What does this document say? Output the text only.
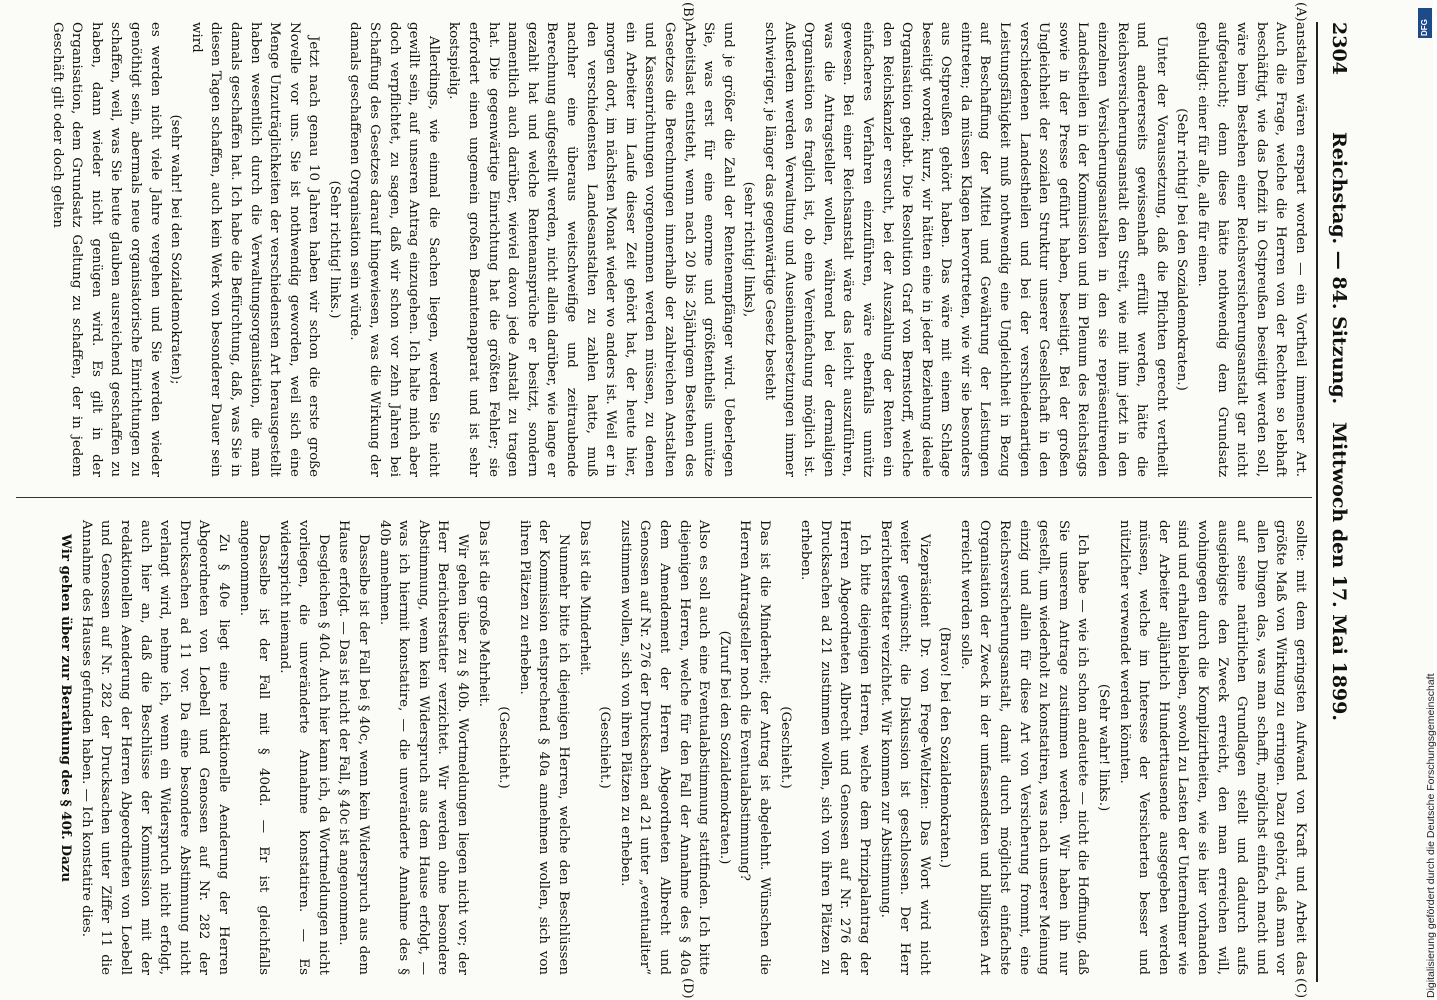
2304
Reichstag. — 84. Sitzung.
Mittwoch den 17. Mai 1899.
(A)
(B)
(C)
(D)

anstalten wären erspart worden — ein Vortheil immenser Art. Auch die Frage, welche die Herren von der Rechten so lebhaft beschäftigt, wie das Defizit in Ostpreußen beseitigt werden soll, wäre beim Bestehen einer Reichsversicherungsanstalt gar nicht aufgetaucht; denn diese hätte nothwendig dem Grundsatz gehuldigt: einer für alle, alle für einen.

(Sehr richtig! bei den Sozialdemokraten.)

Unter der Voraussetzung, daß die Pflichten gerecht vertheilt und andererseits gewissenhaft erfüllt werden, hätte die Reichsversicherungsanstalt den Streit, wie mit ihm jetzt in den einzelnen Versicherungsanstalten in den sie repräsentirenden Landestheilen in der Kommission und im Plenum des Reichstags sowie in der Presse geführt haben, beseitigt. Bei der großen Ungleichheit der sozialen Struktur unserer Gesellschaft in den verschiedenen Landestheilen und bei der verschiedenartigen Leistungsfähigkeit muß nothwendig eine Ungleichheit in Bezug auf Beschaffung der Mittel und Gewährung der Leistungen eintreten; da müssen Klagen hervortreten, wie wir sie besonders aus Ostpreußen gehört haben. Das wäre mit einem Schlage beseitigt worden; kurz, wir hätten eine in jeder Beziehung ideale Organisation gehabt. Die Resolution Graf von Bernstorff, welche den Reichskanzler ersucht, bei der Auszahlung der Renten ein einfacheres Verfahren einzuführen, wäre ebenfalls unnütz gewesen. Bei einer Reichsanstalt wäre das leicht auszuführen, was die Antragsteller wollen, während bei der dermaligen Organisation es fraglich ist, ob eine Vereinfachung möglich ist. Außerdem werden Verwaltung und Auseinandersetzungen immer schwieriger, je länger das gegenwärtige Gesetz besteht

(sehr richtig! links),

und je größer die Zahl der Rentenempfänger wird. Ueberlegen Sie, was erst für eine enorme und größtentheils unnütze Arbeitslast entsteht, wenn nach 20 bis 25jährigem Bestehen des Gesetzes die Berechnungen innerhalb der zahlreichen Anstalten und Kassenrichtungen vorgenommen werden müssen, zu denen ein Arbeiter im Laufe dieser Zeit gehört hat, der heute hier, morgen dort, im nächsten Monat wieder wo anders ist. Weil er in den verschiedensten Landesanstalten zu zahlen hatte, muß nachher eine überaus weitschweifige und zeitraubende Berechnung aufgestellt werden, nicht allein darüber, wie lange er gezahlt hat und welche Rentenansprüche er besitzt, sondern namentlich auch darüber, wieviel davon jede Anstalt zu tragen hat. Die gegenwärtige Einrichtung hat die größten Fehler; sie erfordert einen ungemein großen Beamtenapparat und ist sehr kostspielig.

Allerdings, wie einmal die Sachen liegen, werden Sie nicht gewillt sein, auf unseren Antrag einzugehen. Ich halte mich aber doch verpflichtet, zu sagen, daß wir schon vor zehn Jahren bei Schaffung des Gesetzes darauf hingewiesen, was die Wirkung der damals geschaffenen Organisation sein würde.

(Sehr richtig! links.)

Jetzt nach genau 10 Jahren haben wir schon die erste große Novelle vor uns. Sie ist nothwendig geworden, weil sich eine Menge Unzuträglichkeiten der verschiedensten Art herausgestellt haben wesentlich durch die Verwaltungsorganisation, die man damals geschaffen hat. Ich habe die Befürchtung, daß, was Sie in diesen Tagen schaffen, auch kein Werk von besonderer Dauer sein wird

(sehr wahr! bei den Sozialdemokraten);

es werden nicht viele Jahre vergehen und Sie werden wieder genöthigt sein, abermals neue organisatorische Einrichtungen zu schaffen, weil, was Sie heute glauben ausreichend geschaffen zu haben, dann wieder nicht genügen wird. Es gilt in der Organisation, dem Grundsatz Geltung zu schaffen, der in jedem Geschäft gilt oder doch gelten

sollte: mit dem geringsten Aufwand von Kraft und Arbeit das größte Maß von Wirkung zu erringen. Dazu gehört, daß man vor allen Dingen das, was man schafft, möglichst einfach macht und auf seine natürlichen Grundlagen stellt und dadurch aufs ausgiebigste den Zweck erreicht, den man erreichen will, wohingegen durch die Komplizirtheiten, wie sie hier vorhanden sind und erhalten bleiben, sowohl zu Lasten der Unternehmer wie der Arbeiter alljährlich Hunderttausende ausgegeben werden müssen, welche im Interesse der Versicherten besser und nützlicher verwendet werden könnten.

(Sehr wahr! links.)

Ich habe — wie ich schon andeutete — nicht die Hoffnung, daß Sie unserem Antrage zustimmen werden. Wir haben ihn nur gestellt, um wiederholt zu konstatiren, was nach unserer Meinung einzig und allein für diese Art von Versicherung frommt, eine Reichsversicherungsanstalt, damit durch möglichst einfachste Organisation der Zweck in der umfassendsten und billigsten Art erreicht werden solle.

(Bravo! bei den Sozialdemokraten.)

Vizepräsident Dr. von Frege-Weltzien: Das Wort wird nicht weiter gewünscht; die Diskussion ist geschlossen. Der Herr Berichterstatter verzichtet. Wir kommen zur Abstimmung.

Ich bitte diejenigen Herren, welche dem Prinzipalantrag der Herren Abgeordneten Albrecht und Genossen auf Nr. 276 der Drucksachen ad 21 zustimmen wollen, sich von ihren Plätzen zu erheben.

(Geschieht.)

Das ist die Minderheit; der Antrag ist abgelehnt. Wünschen die Herren Antragsteller noch die Eventualabstimmung?

(Zuruf bei den Sozialdemokraten.)

Also es soll auch eine Eventualabstimmung stattfinden. Ich bitte diejenigen Herren, welche für den Fall der Annahme des § 40a dem Amendement der Herren Abgeordneten Albrecht und Genossen auf Nr. 276 der Drucksachen ad 21 unter „eventualiter“ zustimmen wollen, sich von ihren Plätzen zu erheben.

(Geschieht.)

Das ist die Minderheit.

Nunmehr bitte ich diejenigen Herren, welche den Beschlüssen der Kommission entsprechend § 40a annehmen wollen, sich von ihren Plätzen zu erheben.

(Geschieht.)

Das ist die große Mehrheit.

Wir gehen über zu § 40b. Wortmeldungen liegen nicht vor; der Herr Berichterstatter verzichtet. Wir werden ohne besondere Abstimmung, wenn kein Widerspruch aus dem Hause erfolgt, — was ich hiermit konstatire, — die unveränderte Annahme des § 40b annehmen.

Dasselbe ist der Fall bei § 40c, wenn kein Widerspruch aus dem Hause erfolgt. — Das ist nicht der Fall, § 40c ist angenommen.

Desgleichen § 40d. Auch hier kann ich, da Wortmeldungen nicht vorliegen, die unveränderte Annahme konstatiren. — Es widerspricht niemand.

Dasselbe ist der Fall mit § 40dd. — Er ist gleichfalls angenommen.

Zu § 40e liegt eine redaktionelle Aenderung der Herren Abgeordneten von Loebell und Genossen auf Nr. 282 der Drucksachen ad 11 vor. Da eine besondere Abstimmung nicht verlangt wird, nehme ich, wenn ein Widerspruch nicht erfolgt, auch hier an, daß die Beschlüsse der Kommission mit der redaktionellen Aenderung der Herren Abgeordneten von Loebell und Genossen auf Nr. 282 der Drucksachen unter Ziffer 11 die Annahme des Hauses gefunden haben. — Ich konstatire dies.

Wir gehen über zur Berathung des § 40f. Dazu

DFG
Digitalisierung gefördert durch die Deutsche Forschungsgemeinschaft
